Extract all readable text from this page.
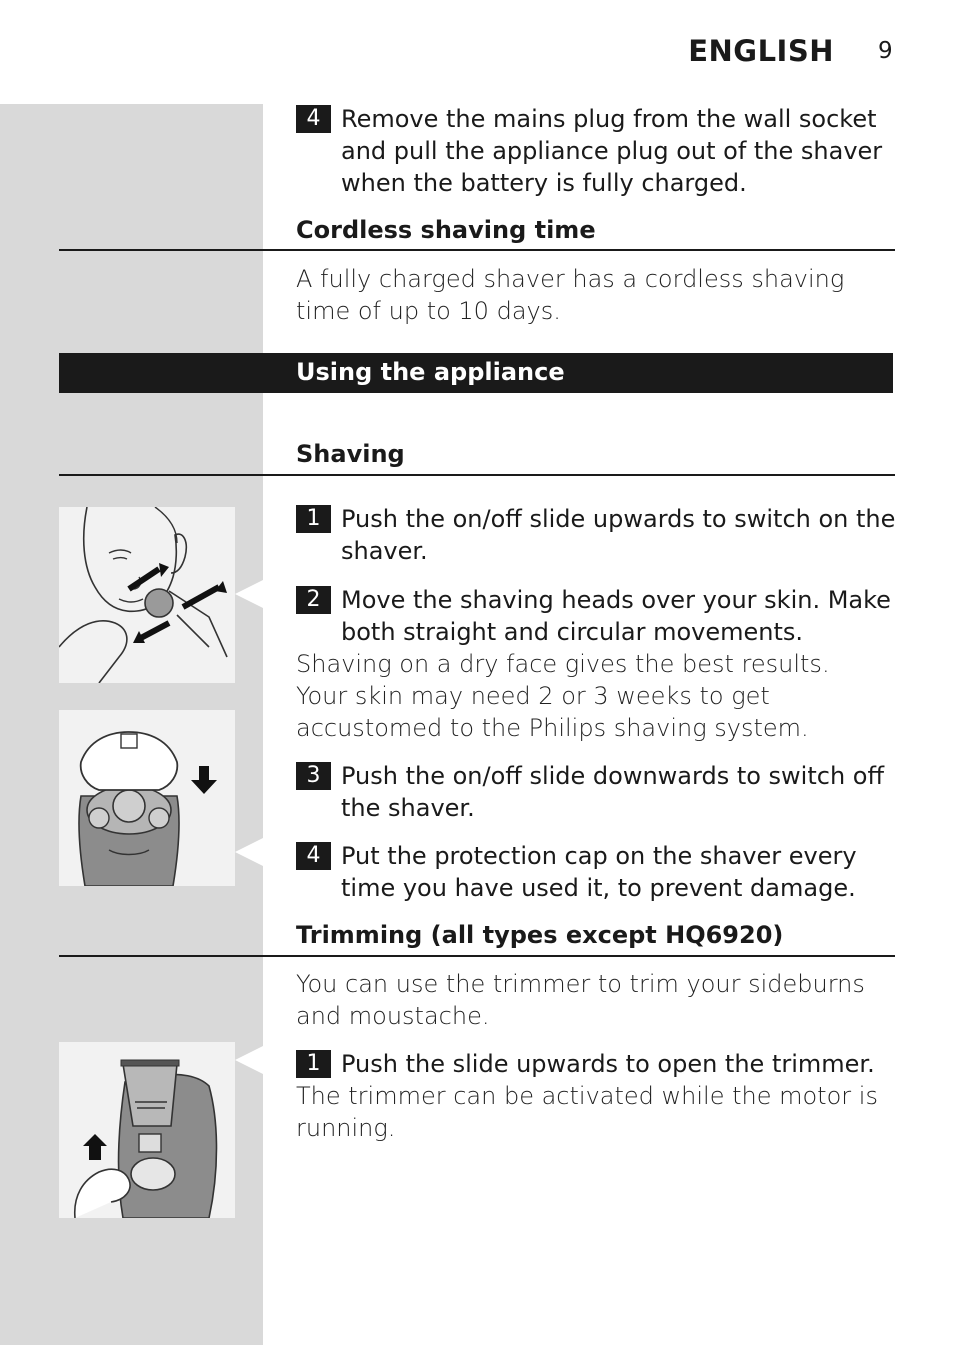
ENGLISH 9
4 Remove the mains plug from the wall socket and pull the appliance plug out of the shaver when the battery is fully charged.
Cordless shaving time
A fully charged shaver has a cordless shaving time of up to 10 days.
Using the appliance
Shaving
1 Push the on/off slide upwards to switch on the shaver.
2 Move the shaving heads over your skin. Make both straight and circular movements.
Shaving on a dry face gives the best results.
Your skin may need 2 or 3 weeks to get accustomed to the Philips shaving system.
3 Push the on/off slide downwards to switch off the shaver.
4 Put the protection cap on the shaver every time you have used it, to prevent damage.
Trimming (all types except HQ6920)
You can use the trimmer to trim your sideburns and moustache.
1 Push the slide upwards to open the trimmer.
The trimmer can be activated while the motor is running.
